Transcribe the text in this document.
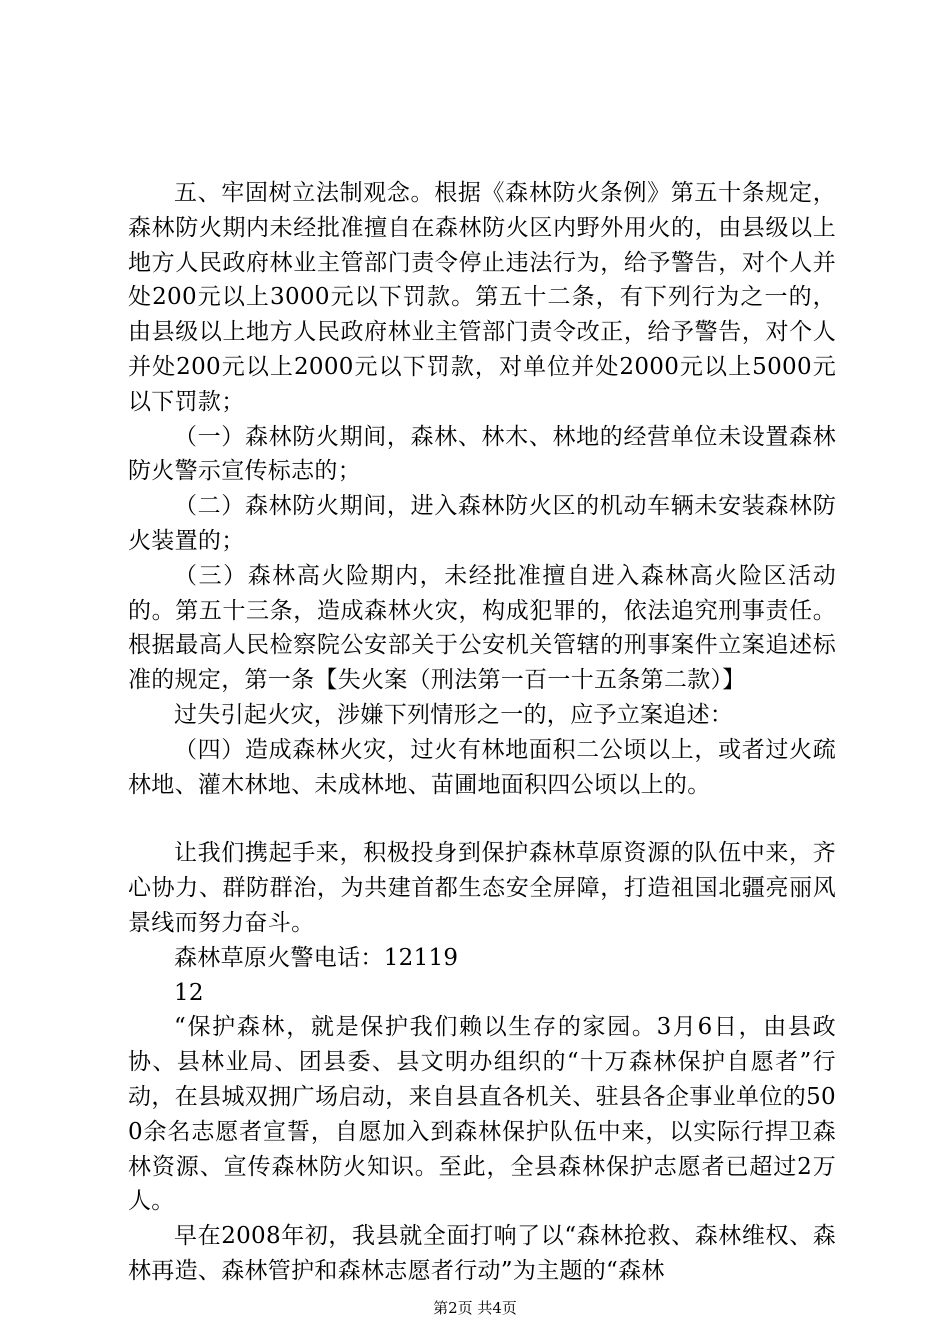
五、牢固树立法制观念。根据《森林防火条例》第五十条规定，森林防火期内未经批准擅自在森林防火区内野外用火的，由县级以上地方人民政府林业主管部门责令停止违法行为，给予警告，对个人并处200元以上3000元以下罚款。第五十二条，有下列行为之一的，由县级以上地方人民政府林业主管部门责令改正，给予警告，对个人并处200元以上2000元以下罚款，对单位并处2000元以上5000元以下罚款；

（一）森林防火期间，森林、林木、林地的经营单位未设置森林防火警示宣传标志的；

（二）森林防火期间，进入森林防火区的机动车辆未安装森林防火装置的；

（三）森林高火险期内，未经批准擅自进入森林高火险区活动的。第五十三条，造成森林火灾，构成犯罪的，依法追究刑事责任。根据最高人民检察院公安部关于公安机关管辖的刑事案件立案追述标准的规定，第一条【失火案（刑法第一百一十五条第二款）】

过失引起火灾，涉嫌下列情形之一的，应予立案追述：

（四）造成森林火灾，过火有林地面积二公顷以上，或者过火疏林地、灌木林地、未成林地、苗圃地面积四公顷以上的。

让我们携起手来，积极投身到保护森林草原资源的队伍中来，齐心协力、群防群治，为共建首都生态安全屏障，打造祖国北疆亮丽风景线而努力奋斗。

森林草原火警电话：12119

12

“保护森林，就是保护我们赖以生存的家园。3月6日，由县政协、县林业局、团县委、县文明办组织的“十万森林保护自愿者”行动，在县城双拥广场启动，来自县直各机关、驻县各企事业单位的500余名志愿者宣誓，自愿加入到森林保护队伍中来，以实际行捍卫森林资源、宣传森林防火知识。至此，全县森林保护志愿者已超过2万人。

早在2008年初，我县就全面打响了以“森林抢救、森林维权、森林再造、森林管护和森林志愿者行动”为主题的“森林

第2页 共4页
